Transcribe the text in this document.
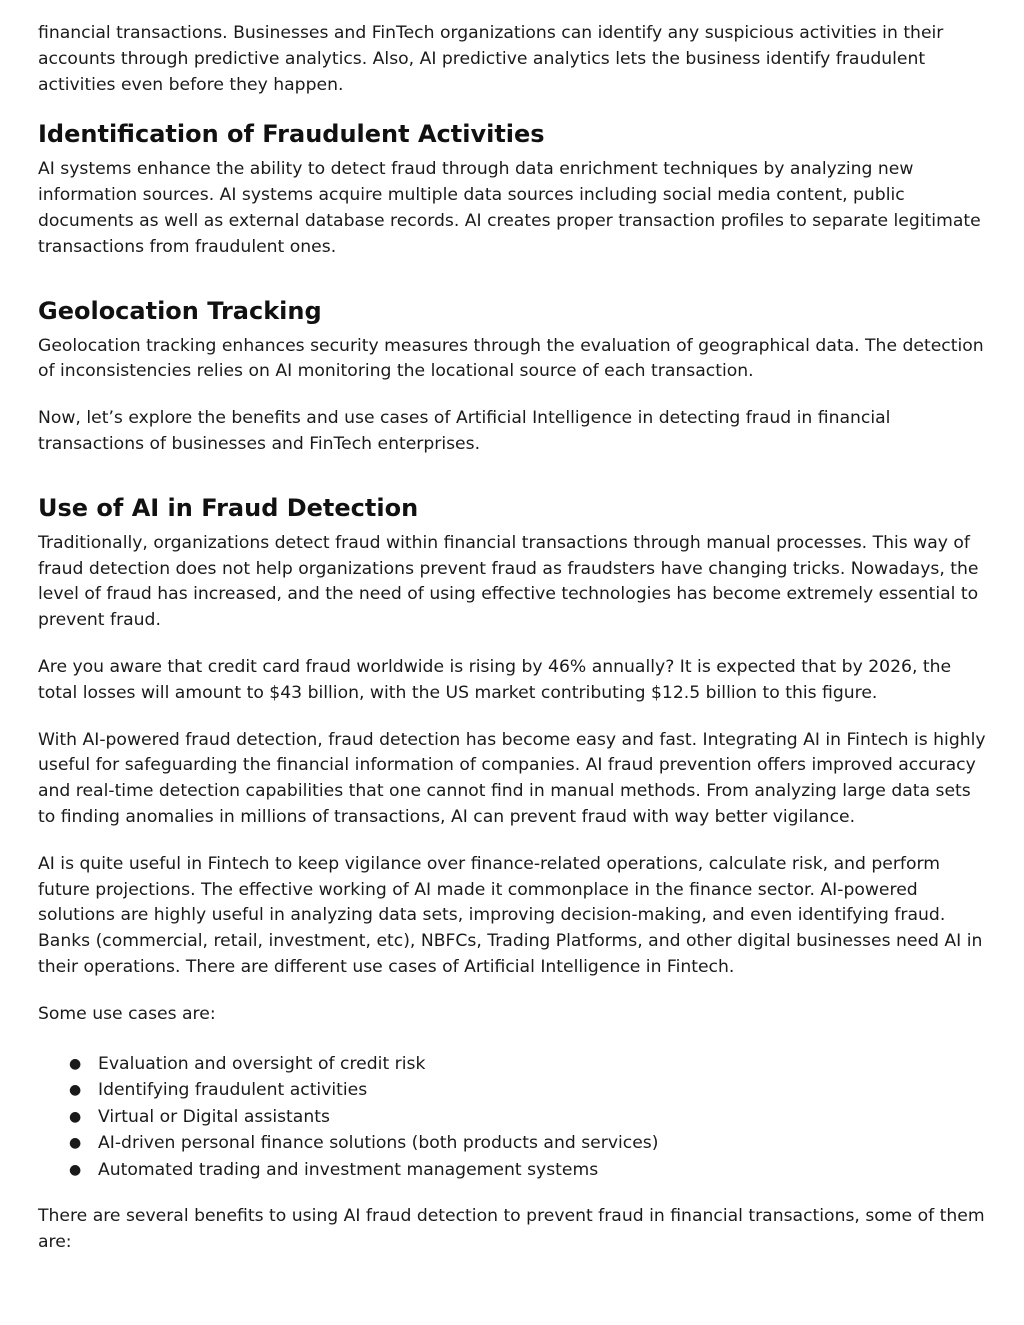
financial transactions. Businesses and FinTech organizations can identify any suspicious activities in their accounts through predictive analytics. Also, AI predictive analytics lets the business identify fraudulent activities even before they happen.

Identification of Fraudulent Activities

AI systems enhance the ability to detect fraud through data enrichment techniques by analyzing new information sources. AI systems acquire multiple data sources including social media content, public documents as well as external database records. AI creates proper transaction profiles to separate legitimate transactions from fraudulent ones.

Geolocation Tracking

Geolocation tracking enhances security measures through the evaluation of geographical data. The detection of inconsistencies relies on AI monitoring the locational source of each transaction.

Now, let’s explore the benefits and use cases of Artificial Intelligence in detecting fraud in financial transactions of businesses and FinTech enterprises.

Use of AI in Fraud Detection

Traditionally, organizations detect fraud within financial transactions through manual processes. This way of fraud detection does not help organizations prevent fraud as fraudsters have changing tricks. Nowadays, the level of fraud has increased, and the need of using effective technologies has become extremely essential to prevent fraud.

Are you aware that credit card fraud worldwide is rising by 46% annually? It is expected that by 2026, the total losses will amount to $43 billion, with the US market contributing $12.5 billion to this figure.

With AI-powered fraud detection, fraud detection has become easy and fast. Integrating AI in Fintech is highly useful for safeguarding the financial information of companies. AI fraud prevention offers improved accuracy and real-time detection capabilities that one cannot find in manual methods. From analyzing large data sets to finding anomalies in millions of transactions, AI can prevent fraud with way better vigilance.

AI is quite useful in Fintech to keep vigilance over finance-related operations, calculate risk, and perform future projections. The effective working of AI made it commonplace in the finance sector. AI-powered solutions are highly useful in analyzing data sets, improving decision-making, and even identifying fraud. Banks (commercial, retail, investment, etc), NBFCs, Trading Platforms, and other digital businesses need AI in their operations. There are different use cases of Artificial Intelligence in Fintech.

Some use cases are:

● Evaluation and oversight of credit risk
● Identifying fraudulent activities
● Virtual or Digital assistants
● AI-driven personal finance solutions (both products and services)
● Automated trading and investment management systems

There are several benefits to using AI fraud detection to prevent fraud in financial transactions, some of them are:
